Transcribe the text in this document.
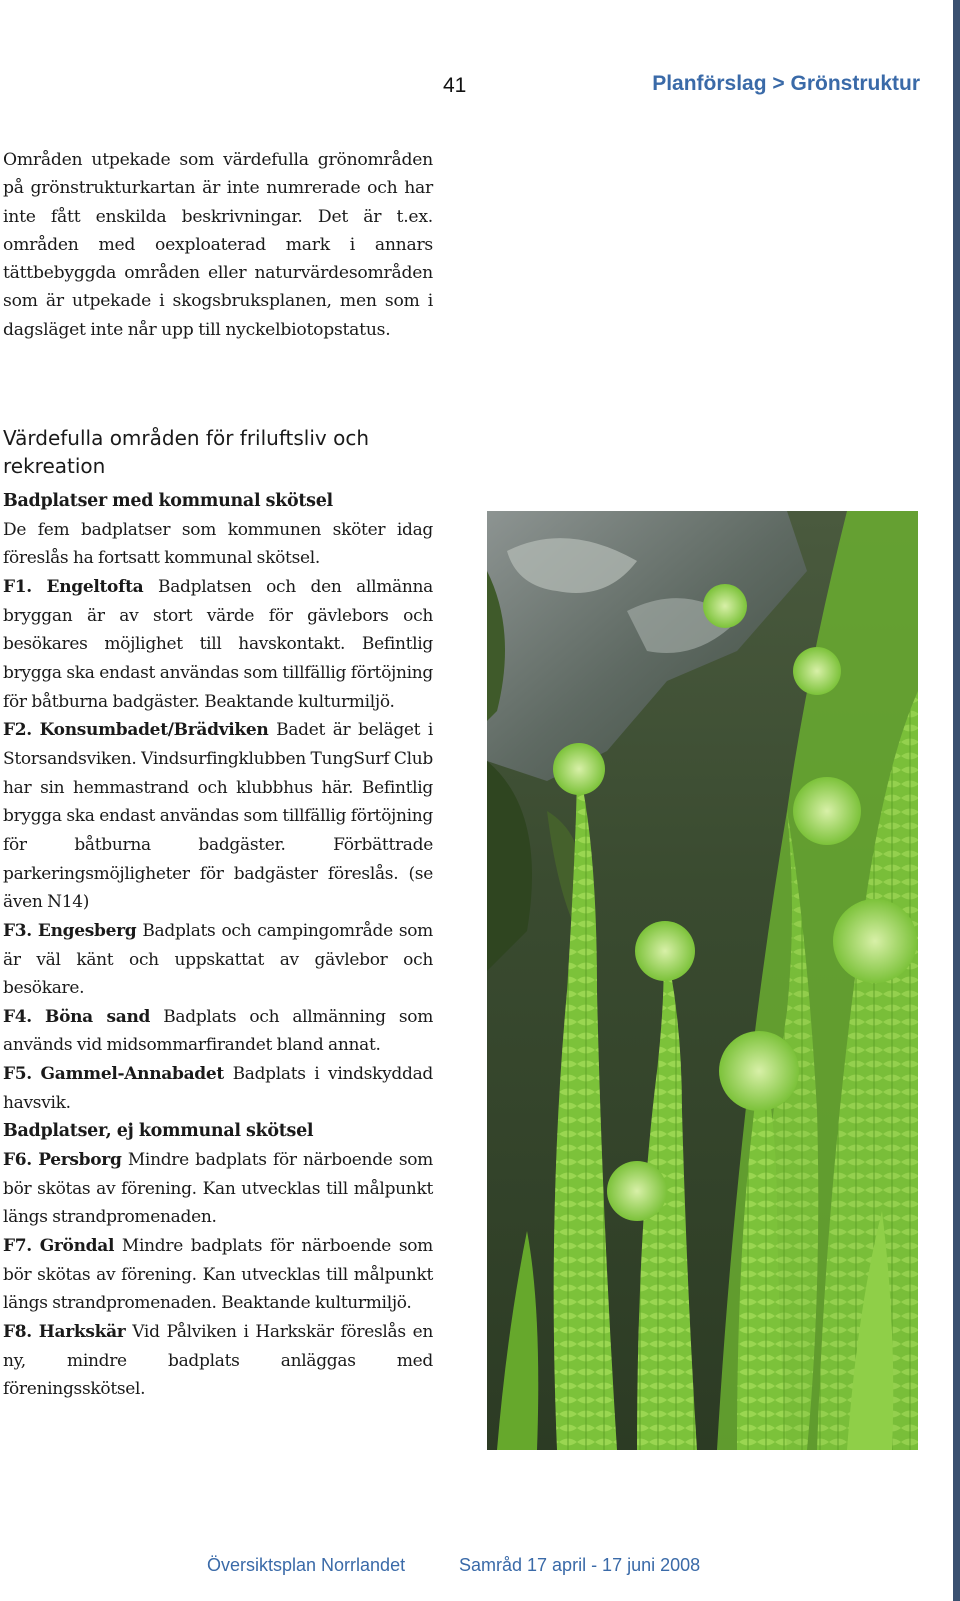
41	Planförslag > Grönstruktur

Områden utpekade som värdefulla grönområden på grönstrukturkartan är inte numrerade och har inte fått enskilda beskrivningar. Det är t.ex. områden med oexploaterad mark i annars tättbebyggda områden eller naturvärdesområden som är utpekade i skogsbruksplanen, men som i dagsläget inte når upp till nyckelbiotopstatus.

Värdefulla områden för friluftsliv och rekreation

Badplatser med kommunal skötsel

De fem badplatser som kommunen sköter idag föreslås ha fortsatt kommunal skötsel.

F1. Engeltofta Badplatsen och den allmänna bryggan är av stort värde för gävlebors och besökares möjlighet till havskontakt. Befintlig brygga ska endast användas som tillfällig förtöjning för båtburna badgäster. Beaktande kulturmiljö.

F2. Konsumbadet/Brädviken Badet är beläget i Storsandsviken. Vindsurfingklubben TungSurf Club har sin hemmastrand och klubbhus här. Befintlig brygga ska endast användas som tillfällig förtöjning för båtburna badgäster. Förbättrade parkeringsmöjligheter för badgäster föreslås. (se även N14)

F3. Engesberg Badplats och campingområde som är väl känt och uppskattat av gävlebor och besökare.

F4. Böna sand Badplats och allmänning som används vid midsommarfirandet bland annat.

F5. Gammel-Annabadet Badplats i vindskyddad havsvik.

Badplatser, ej kommunal skötsel

F6. Persborg Mindre badplats för närboende som bör skötas av förening. Kan utvecklas till målpunkt längs strandpromenaden.

F7. Gröndal Mindre badplats för närboende som bör skötas av förening. Kan utvecklas till målpunkt längs strandpromenaden. Beaktande kulturmiljö.

F8. Harkskär Vid Pålviken i Harkskär föreslås en ny, mindre badplats anläggas med föreningsskötsel.

Översiktsplan Norrlandet	Samråd 17 april - 17 juni 2008
